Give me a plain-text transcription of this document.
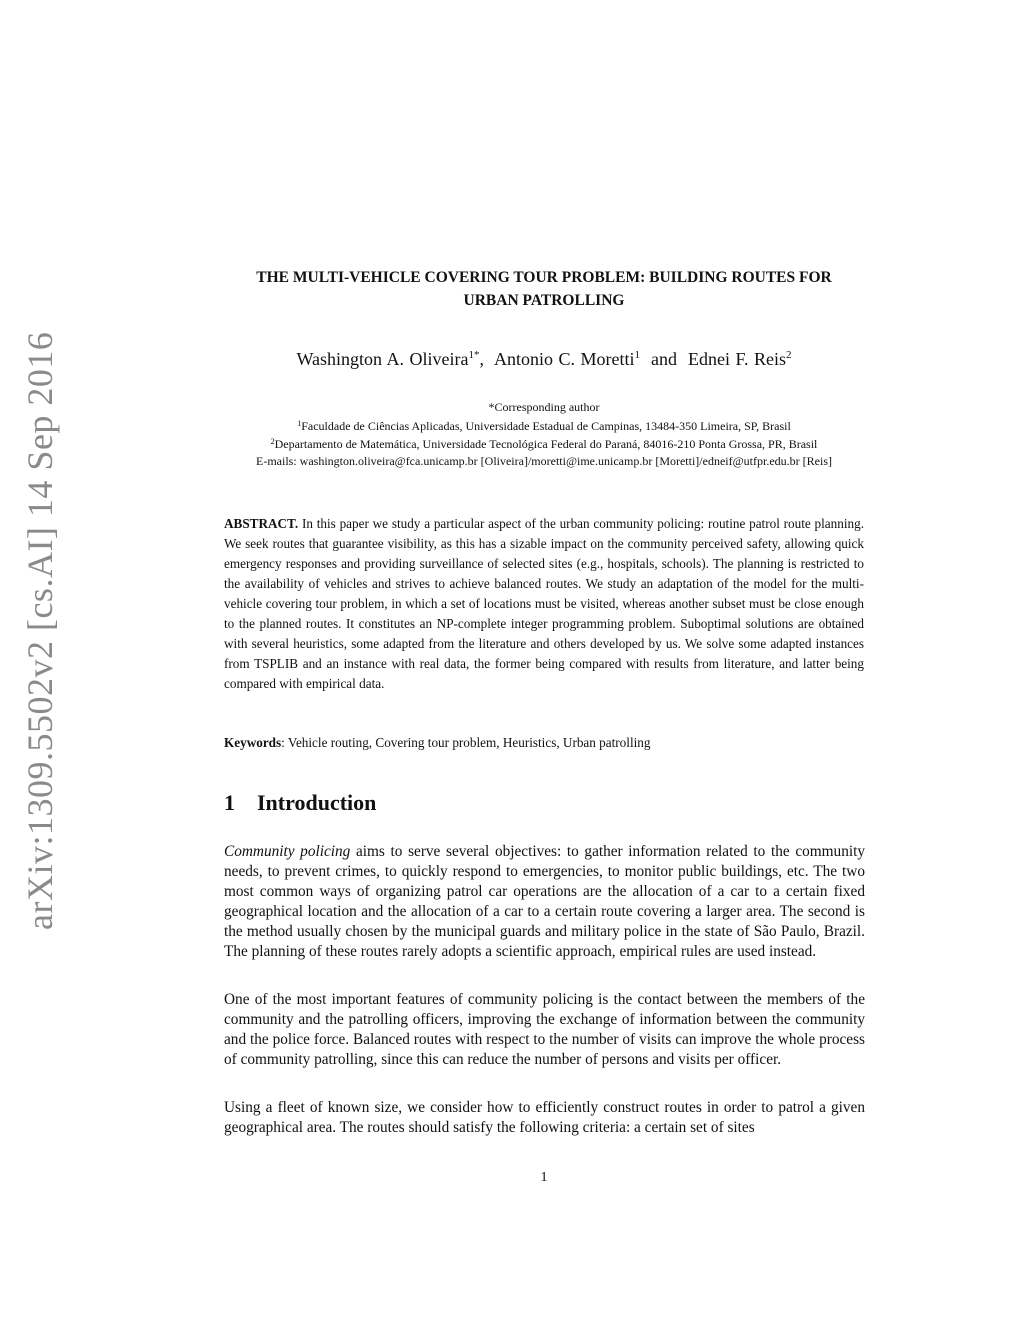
arXiv:1309.5502v2 [cs.AI] 14 Sep 2016
THE MULTI-VEHICLE COVERING TOUR PROBLEM: BUILDING ROUTES FOR
URBAN PATROLLING
Washington A. Oliveira$^{1*}$,  Antonio C. Moretti$^1$  and  Ednei F. Reis$^2$
*Corresponding author
$^1$Faculdade de Ciências Aplicadas, Universidade Estadual de Campinas, 13484-350 Limeira, SP, Brasil
$^2$Departamento de Matemática, Universidade Tecnológica Federal do Paraná, 84016-210 Ponta Grossa, PR, Brasil
E-mails: washington.oliveira@fca.unicamp.br [Oliveira]/moretti@ime.unicamp.br [Moretti]/edneif@utfpr.edu.br [Reis]
ABSTRACT. In this paper we study a particular aspect of the urban community policing: routine patrol route planning. We seek routes that guarantee visibility, as this has a sizable impact on the community perceived safety, allowing quick emergency responses and providing surveillance of selected sites (e.g., hospitals, schools). The planning is restricted to the availability of vehicles and strives to achieve balanced routes. We study an adaptation of the model for the multi-vehicle covering tour problem, in which a set of locations must be visited, whereas another subset must be close enough to the planned routes. It constitutes an NP-complete integer programming problem. Suboptimal solutions are obtained with several heuristics, some adapted from the literature and others developed by us. We solve some adapted instances from TSPLIB and an instance with real data, the former being compared with results from literature, and latter being compared with empirical data.
Keywords: Vehicle routing, Covering tour problem, Heuristics, Urban patrolling
1 Introduction
Community policing aims to serve several objectives: to gather information related to the community needs, to prevent crimes, to quickly respond to emergencies, to monitor public buildings, etc. The two most common ways of organizing patrol car operations are the allocation of a car to a certain fixed geographical location and the allocation of a car to a certain route covering a larger area. The second is the method usually chosen by the municipal guards and military police in the state of São Paulo, Brazil. The planning of these routes rarely adopts a scientific approach, empirical rules are used instead.
One of the most important features of community policing is the contact between the members of the community and the patrolling officers, improving the exchange of information between the community and the police force. Balanced routes with respect to the number of visits can improve the whole process of community patrolling, since this can reduce the number of persons and visits per officer.
Using a fleet of known size, we consider how to efficiently construct routes in order to patrol a given geographical area. The routes should satisfy the following criteria: a certain set of sites
1
